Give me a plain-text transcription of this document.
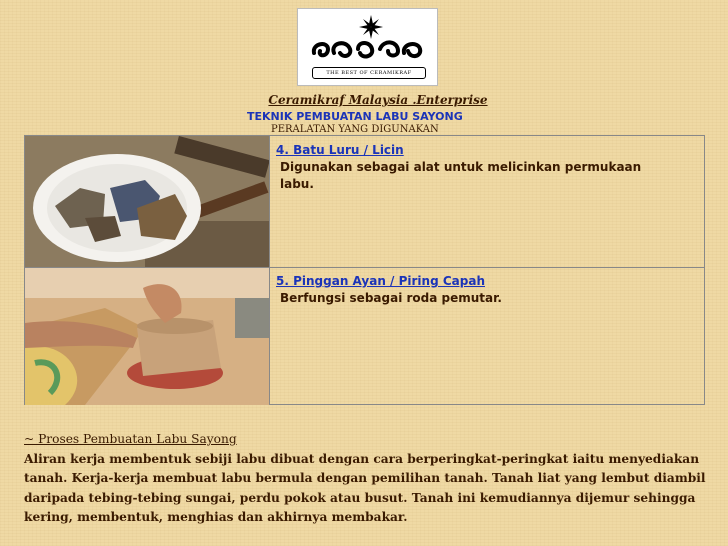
THE BEST OF CERAMIKRAF
Ceramikraf Malaysia .Enterprise
TEKNIK PEMBUATAN LABU SAYONG
PERALATAN YANG DIGUNAKAN
4. Batu Luru / Licin
Digunakan sebagai alat untuk melicinkan permukaan labu.
5. Pinggan Ayan / Piring Capah
Berfungsi sebagai roda pemutar.
~ Proses Pembuatan Labu Sayong
Aliran kerja membentuk sebiji labu dibuat dengan cara berperingkat-peringkat iaitu menyediakan tanah. Kerja-kerja membuat labu bermula dengan pemilihan tanah. Tanah liat yang lembut diambil daripada tebing-tebing sungai, perdu pokok atau busut. Tanah ini kemudiannya dijemur sehingga kering, membentuk, menghias dan akhirnya membakar.
